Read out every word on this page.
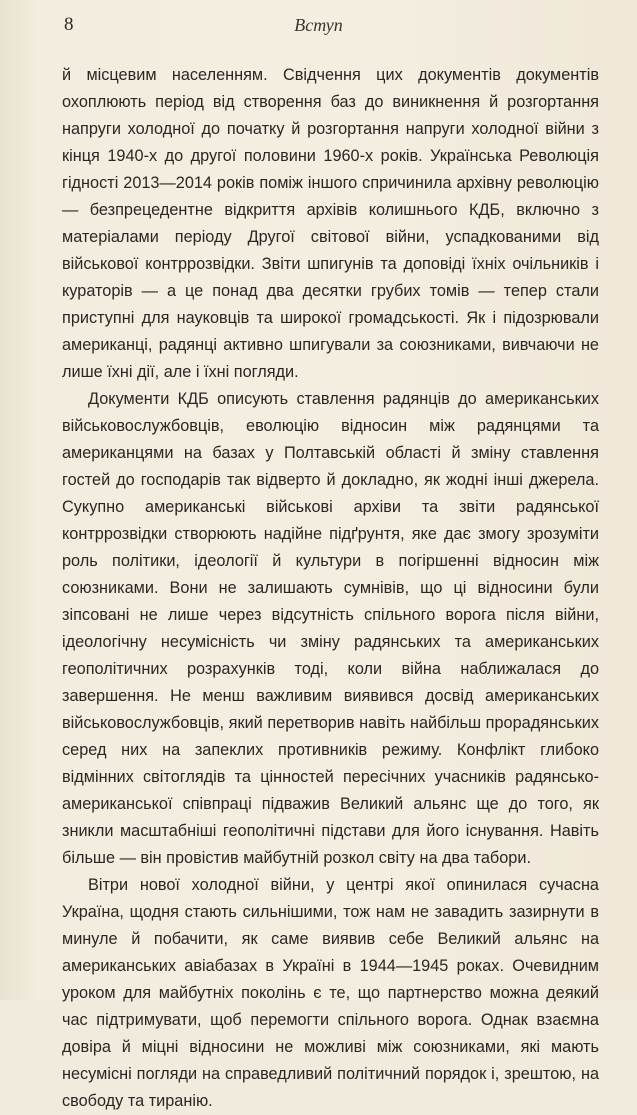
8	Вступ

й місцевим населенням. Свідчення цих документів документів охоплюють період від створення баз до виникнення й розгортання напруги холодної до початку й розгортання напруги холодної війни з кінця 1940-х до другої половини 1960-х років. Українська Революція гідності 2013—2014 років поміж іншого спричинила архівну революцію — безпрецедентне відкриття архівів колишнього КДБ, включно з матеріалами періоду Другої світової війни, успадкованими від військової контррозвідки. Звіти шпигунів та доповіді їхніх очільників і кураторів — а це понад два десятки грубих томів — тепер стали приступні для науковців та широкої громадськості. Як і підозрювали американці, радянці активно шпигували за союзниками, вивчаючи не лише їхні дії, але і їхні погляди.

Документи КДБ описують ставлення радянців до американських військовослужбовців, еволюцію відносин між радянцями та американцями на базах у Полтавській області й зміну ставлення гостей до господарів так відверто й докладно, як жодні інші джерела. Сукупно американські військові архіви та звіти радянської контррозвідки створюють надійне підґрунтя, яке дає змогу зрозуміти роль політики, ідеології й культури в погіршенні відносин між союзниками. Вони не залишають сумнівів, що ці відносини були зіпсовані не лише через відсутність спільного ворога після війни, ідеологічну несумісність чи зміну радянських та американських геополітичних розрахунків тоді, коли війна наближалася до завершення. Не менш важливим виявився досвід американських військовослужбовців, який перетворив навіть найбільш прорадянських серед них на запеклих противників режиму. Конфлікт глибоко відмінних світоглядів та цінностей пересічних учасників радянсько-американської співпраці підважив Великий альянс ще до того, як зникли масштабніші геополітичні підстави для його існування. Навіть більше — він провістив майбутній розкол світу на два табори.

Вітри нової холодної війни, у центрі якої опинилася сучасна Україна, щодня стають сильнішими, тож нам не завадить зазирнути в минуле й побачити, як саме виявив себе Великий альянс на американських авіабазах в Україні в 1944—1945 роках. Очевидним уроком для майбутніх поколінь є те, що партнерство можна деякий час підтримувати, щоб перемогти спільного ворога. Однак взаємна довіра й міцні відносини не можливі між союзниками, які мають несумісні погляди на справедливий політичний порядок і, зрештою, на свободу та тиранію.
